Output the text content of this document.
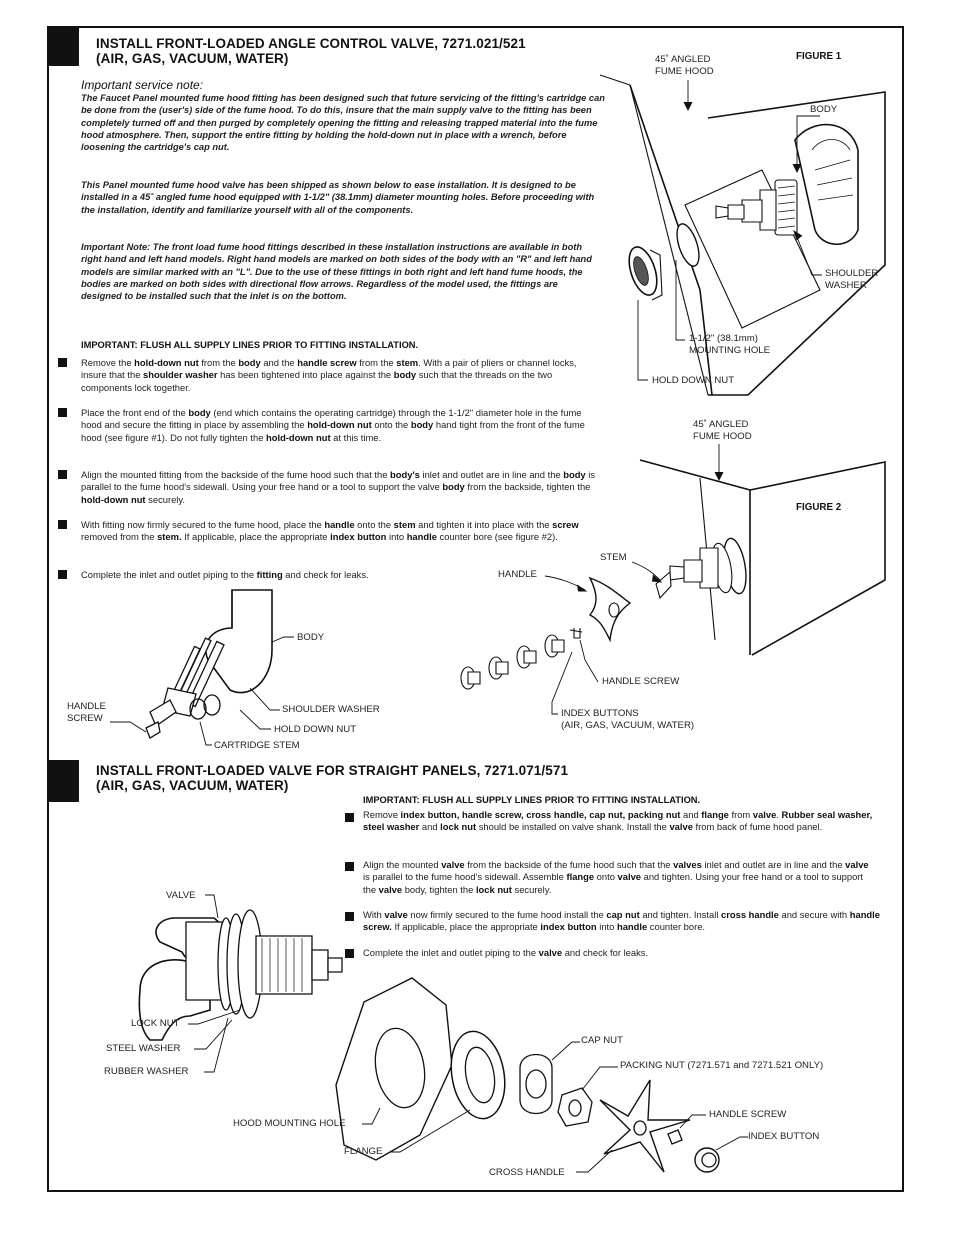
INSTALL FRONT-LOADED ANGLE CONTROL VALVE, 7271.021/521
(AIR, GAS, VACUUM, WATER)
Important service note:

The Faucet Panel mounted fume hood fitting has been designed such that future servicing of the fitting's cartridge can be done from the (user's) side of the fume hood. To do this, insure that the main supply valve to the fitting has been completely turned off and then purged by completely opening the fitting and releasing trapped material into the fume hood atmosphere. Then, support the entire fitting by holding the hold-down nut in place with a wrench, before loosening the cartridge's cap nut.

This Panel mounted fume hood valve has been shipped as shown below to ease installation. It is designed to be installed in a 45˚ angled fume hood equipped with 1-1/2" (38.1mm) diameter mounting holes. Before proceeding with the installation, identify and familiarize yourself with all of the components.

Important Note: The front load fume hood fittings described in these installation instructions are available in both right hand and left hand models. Right hand models are marked on both sides of the body with an "R" and left hand models are similar marked with an "L". Due to the use of these fittings in both right and left hand fume hoods, the bodies are marked on both sides with directional flow arrows. Regardless of the model used, the fittings are designed to be installed such that the inlet is on the bottom.

IMPORTANT: FLUSH ALL SUPPLY LINES PRIOR TO FITTING INSTALLATION.

Remove the hold-down nut from the body and the handle screw from the stem. With a pair of pliers or channel locks, insure that the shoulder washer has been tightened into place against the body such that the threads on the two components lock together.

Place the front end of the body (end which contains the operating cartridge) through the 1-1/2" diameter hole in the fume hood and secure the fitting in place by assembling the hold-down nut onto the body hand tight from the front of the fume hood (see figure #1). Do not fully tighten the hold-down nut at this time.

Align the mounted fitting from the backside of the fume hood such that the body's inlet and outlet are in line and the body is parallel to the fume hood's sidewall. Using your free hand or a tool to support the valve body from the backside, tighten the hold-down nut securely.

With fitting now firmly secured to the fume hood, place the handle onto the stem and tighten it into place with the screw removed from the stem. If applicable, place the appropriate index button into handle counter bore (see figure #2).

Complete the inlet and outlet piping to the fitting and check for leaks.

FIGURE 1
45˚ ANGLED
FUME HOOD
BODY
SHOULDER
WASHER
1-1/2" (38.1mm)
MOUNTING HOLE
HOLD DOWN NUT
FIGURE 2
45˚ ANGLED
FUME HOOD
STEM
HANDLE
HANDLE SCREW
INDEX BUTTONS
(AIR, GAS, VACUUM, WATER)
BODY
HANDLE
SCREW
SHOULDER WASHER
HOLD DOWN NUT
CARTRIDGE STEM
INSTALL FRONT-LOADED VALVE FOR STRAIGHT PANELS, 7271.071/571
(AIR, GAS, VACUUM, WATER)
IMPORTANT: FLUSH ALL SUPPLY LINES PRIOR TO FITTING INSTALLATION.

Remove index button, handle screw, cross handle, cap nut, packing nut and flange from valve. Rubber seal washer, steel washer and lock nut should be installed on valve shank. Install the valve from back of fume hood panel.

Align the mounted valve from the backside of the fume hood such that the valves inlet and outlet are in line and the valve is parallel to the fume hood's sidewall. Assemble flange onto valve and tighten. Using your free hand or a tool to support the valve body, tighten the lock nut securely.

With valve now firmly secured to the fume hood install the cap nut and tighten. Install cross handle and secure with handle screw. If applicable, place the appropriate index button into handle counter bore.

Complete the inlet and outlet piping to the valve and check for leaks.

VALVE
LOCK NUT
STEEL WASHER
RUBBER WASHER
HOOD MOUNTING HOLE
FLANGE
CAP NUT
PACKING NUT (7271.571 and 7271.521 ONLY)
CROSS HANDLE
HANDLE SCREW
INDEX BUTTON
